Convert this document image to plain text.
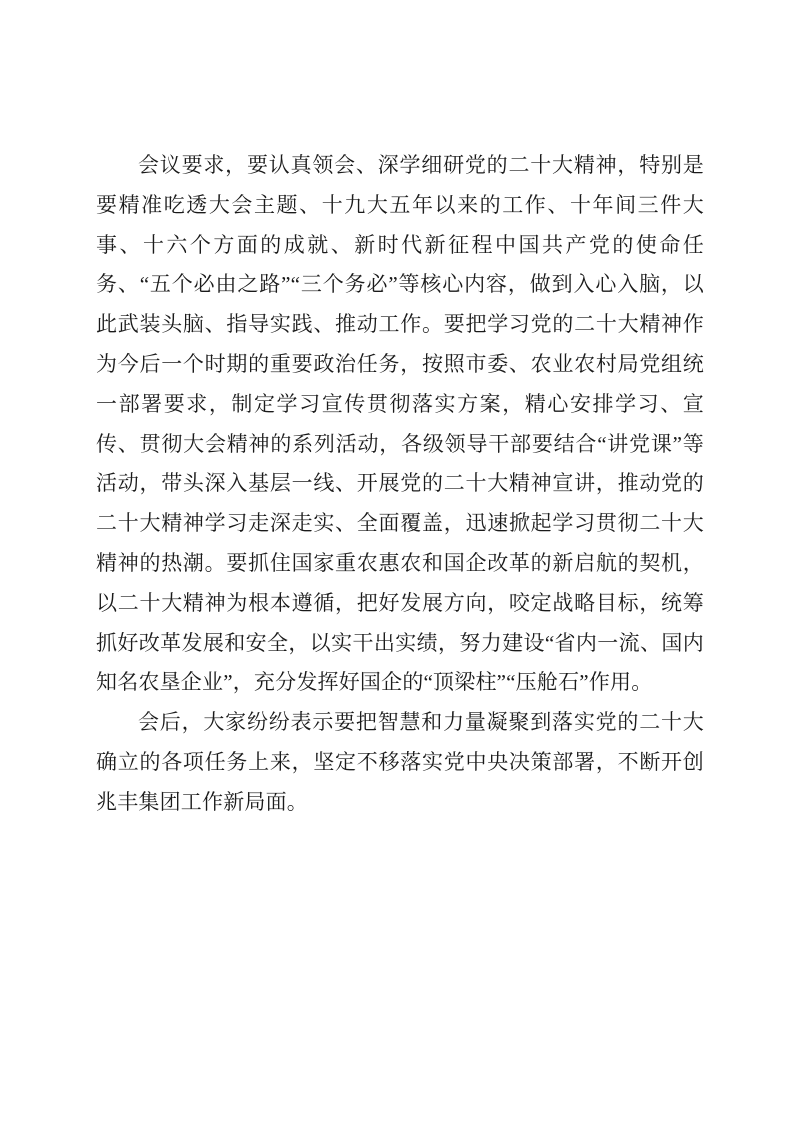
会议要求，要认真领会、深学细研党的二十大精神，特别是要精准吃透大会主题、十九大五年以来的工作、十年间三件大事、十六个方面的成就、新时代新征程中国共产党的使命任务、“五个必由之路”“三个务必”等核心内容，做到入心入脑，以此武装头脑、指导实践、推动工作。要把学习党的二十大精神作为今后一个时期的重要政治任务，按照市委、农业农村局党组统一部署要求，制定学习宣传贯彻落实方案，精心安排学习、宣传、贯彻大会精神的系列活动，各级领导干部要结合“讲党课”等活动，带头深入基层一线、开展党的二十大精神宣讲，推动党的二十大精神学习走深走实、全面覆盖，迅速掀起学习贯彻二十大精神的热潮。要抓住国家重农惠农和国企改革的新启航的契机，以二十大精神为根本遵循，把好发展方向，咬定战略目标，统筹抓好改革发展和安全，以实干出实绩，努力建设“省内一流、国内知名农垦企业”，充分发挥好国企的“顶梁柱”“压舱石”作用。

会后，大家纷纷表示要把智慧和力量凝聚到落实党的二十大确立的各项任务上来，坚定不移落实党中央决策部署，不断开创兆丰集团工作新局面。
